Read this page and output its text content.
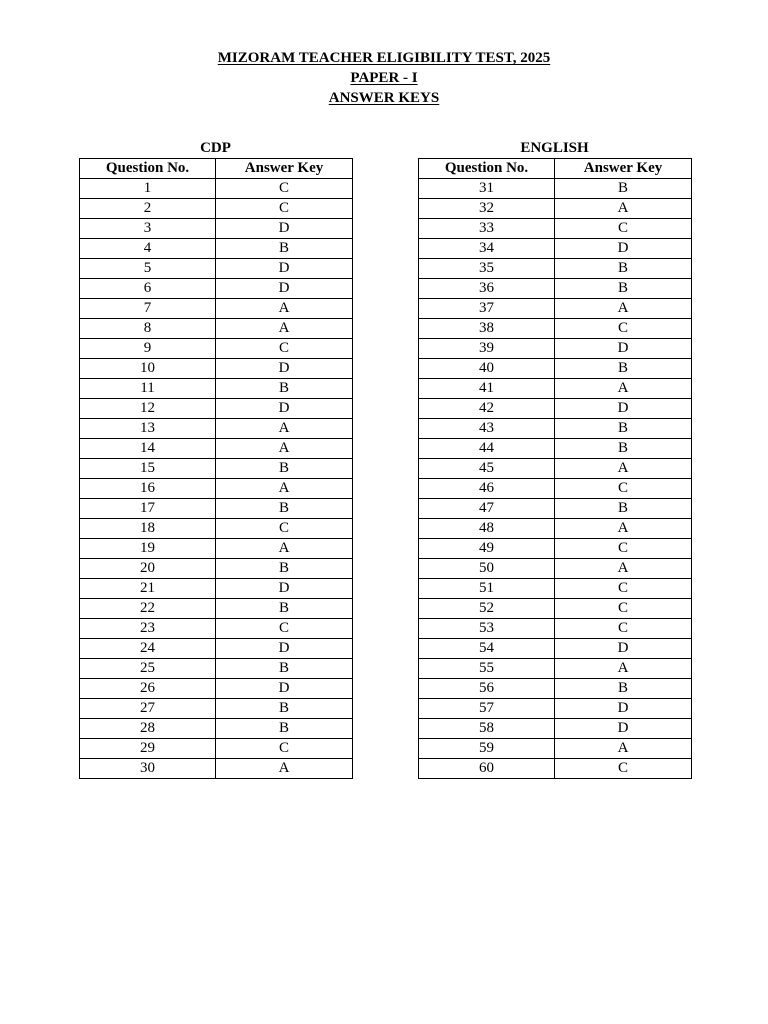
MIZORAM TEACHER ELIGIBILITY TEST, 2025
PAPER - I
ANSWER KEYS
CDP
Question No.	Answer Key
1	C
2	C
3	D
4	B
5	D
6	D
7	A
8	A
9	C
10	D
11	B
12	D
13	A
14	A
15	B
16	A
17	B
18	C
19	A
20	B
21	D
22	B
23	C
24	D
25	B
26	D
27	B
28	B
29	C
30	A
ENGLISH
Question No.	Answer Key
31	B
32	A
33	C
34	D
35	B
36	B
37	A
38	C
39	D
40	B
41	A
42	D
43	B
44	B
45	A
46	C
47	B
48	A
49	C
50	A
51	C
52	C
53	C
54	D
55	A
56	B
57	D
58	D
59	A
60	C
